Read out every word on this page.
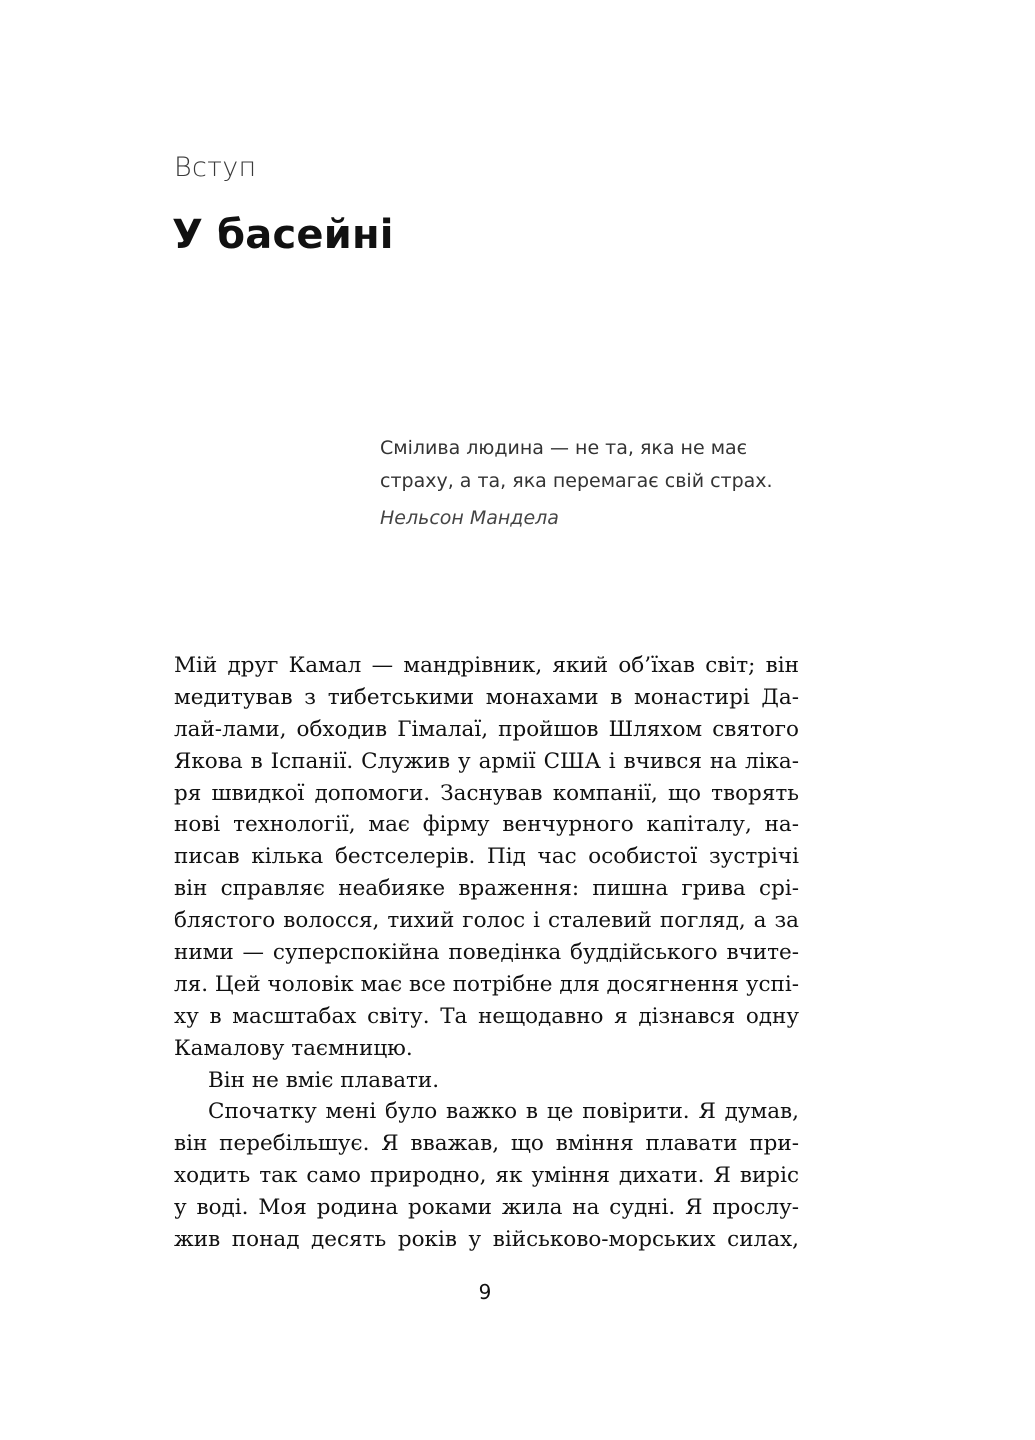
Вступ
У басейні
Смілива людина — не та, яка не має
страху, а та, яка перемагає свій страх.
Нельсон Мандела
Мій друг Камал — мандрівник, який об’їхав світ; він
медитував з тибетськими монахами в монастирі Да-
лай-лами, обходив Гімалаї, пройшов Шляхом святого
Якова в Іспанії. Служив у армії США і вчився на ліка-
ря швидкої допомоги. Заснував компанії, що творять
нові технології, має фірму венчурного капіталу, на-
писав кілька бестселерів. Під час особистої зустрічі
він справляє неабияке враження: пишна грива срі-
блястого волосся, тихий голос і сталевий погляд, а за
ними — суперспокійна поведінка буддійського вчите-
ля. Цей чоловік має все потрібне для досягнення успі-
ху в масштабах світу. Та нещодавно я дізнався одну
Камалову таємницю.
Він не вміє плавати.
Спочатку мені було важко в це повірити. Я думав,
він перебільшує. Я вважав, що вміння плавати при-
ходить так само природно, як уміння дихати. Я виріс
у воді. Моя родина роками жила на судні. Я прослу-
жив понад десять років у військово-морських силах,
9
